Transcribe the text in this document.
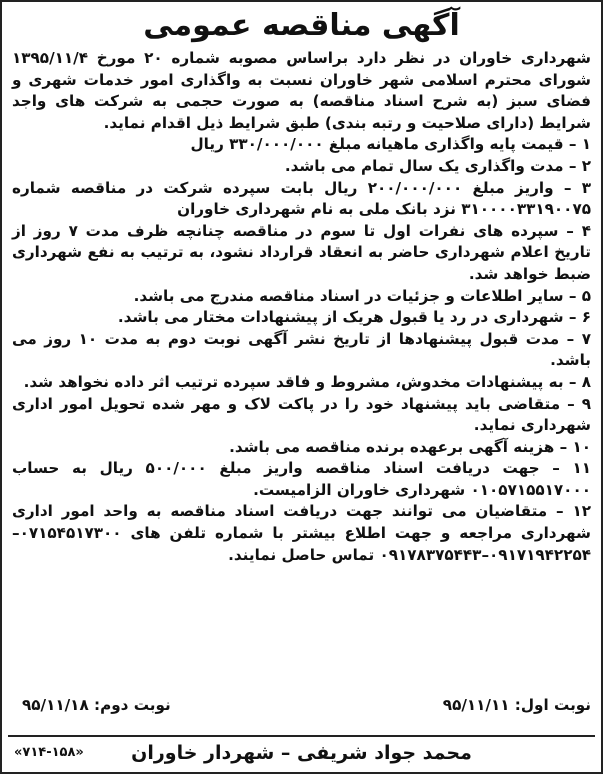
آگهی مناقصه عمومی

شهرداری خاوران در نظر دارد براساس مصوبه شماره ۲۰ مورخ ۱۳۹۵/۱۱/۴ شورای محترم اسلامی شهر خاوران نسبت به واگذاری امور خدمات شهری و فضای سبز (به شرح اسناد مناقصه) به صورت حجمی به شرکت های واجد شرایط (دارای صلاحیت و رتبه بندی) طبق شرایط ذیل اقدام نماید.

۱ – قیمت پایه واگذاری ماهیانه مبلغ ۳۳۰/۰۰۰/۰۰۰ ریال

۲ – مدت واگذاری یک سال تمام می باشد.

۳ – واریز مبلغ ۲۰۰/۰۰۰/۰۰۰ ریال بابت سپرده شرکت در مناقصه شماره ۳۱۰۰۰۰۳۳۱۹۰۰۷۵ نزد بانک ملی به نام شهرداری خاوران

۴ – سپرده های نفرات اول تا سوم در مناقصه چنانچه ظرف مدت ۷ روز از تاریخ اعلام شهرداری حاضر به انعقاد قرارداد نشود، به ترتیب به نفع شهرداری ضبط خواهد شد.

۵ – سایر اطلاعات و جزئیات در اسناد مناقصه مندرج می باشد.

۶ – شهرداری در رد یا قبول هریک از پیشنهادات مختار می باشد.

۷ – مدت قبول پیشنهادها از تاریخ نشر آگهی نوبت دوم به مدت ۱۰ روز می باشد.

۸ – به پیشنهادات مخدوش، مشروط و فاقد سپرده ترتیب اثر داده نخواهد شد.

۹ – متقاضی باید پیشنهاد خود را در پاکت لاک و مهر شده تحویل امور اداری شهرداری نماید.

۱۰ – هزینه آگهی برعهده برنده مناقصه می باشد.

۱۱ – جهت دریافت اسناد مناقصه واریز مبلغ ۵۰۰/۰۰۰ ریال به حساب ۰۱۰۵۷۱۵۵۱۷۰۰۰ شهرداری خاوران الزامیست.

۱۲ – متقاضیان می توانند جهت دریافت اسناد مناقصه به واحد امور اداری شهرداری مراجعه و جهت اطلاع بیشتر با شماره تلفن های ۰۷۱۵۴۵۱۷۳۰۰– ۰۹۱۷۱۹۴۲۲۵۴–۰۹۱۷۸۳۷۵۴۴۳ تماس حاصل نمایند.

نوبت اول: ۹۵/۱۱/۱۱
نوبت دوم: ۹۵/۱۱/۱۸
محمد جواد شریفی – شهردار خاوران
«۷۱۴-۱۵۸»
